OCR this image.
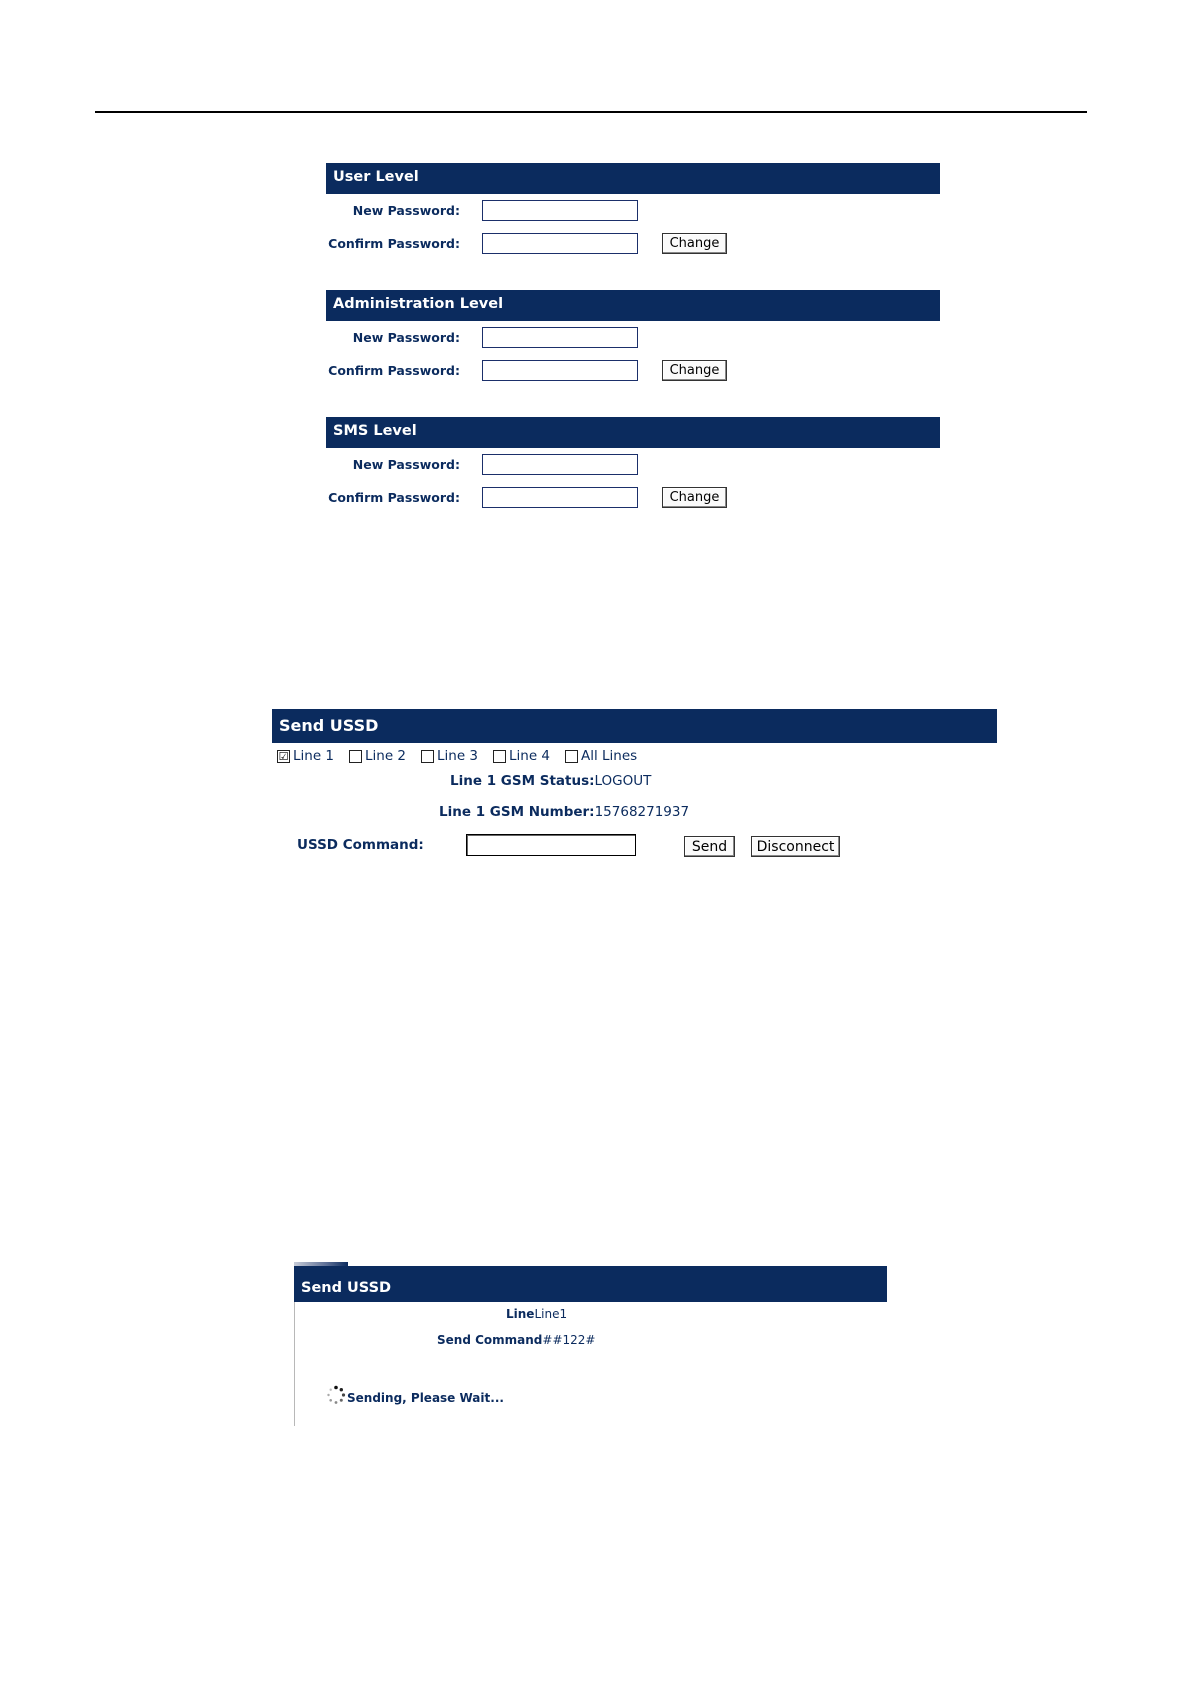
User Level
New Password:
Confirm Password:	Change
Administration Level
New Password:
Confirm Password:	Change
SMS Level
New Password:
Confirm Password:	Change
Send USSD
☑ Line 1 Line 2 Line 3 Line 4 All Lines
Line 1 GSM Status:LOGOUT
Line 1 GSM Number:15768271937
USSD Command:	Send	Disconnect
Send USSD
LineLine1
Send Command##122#
Sending, Please Wait...
